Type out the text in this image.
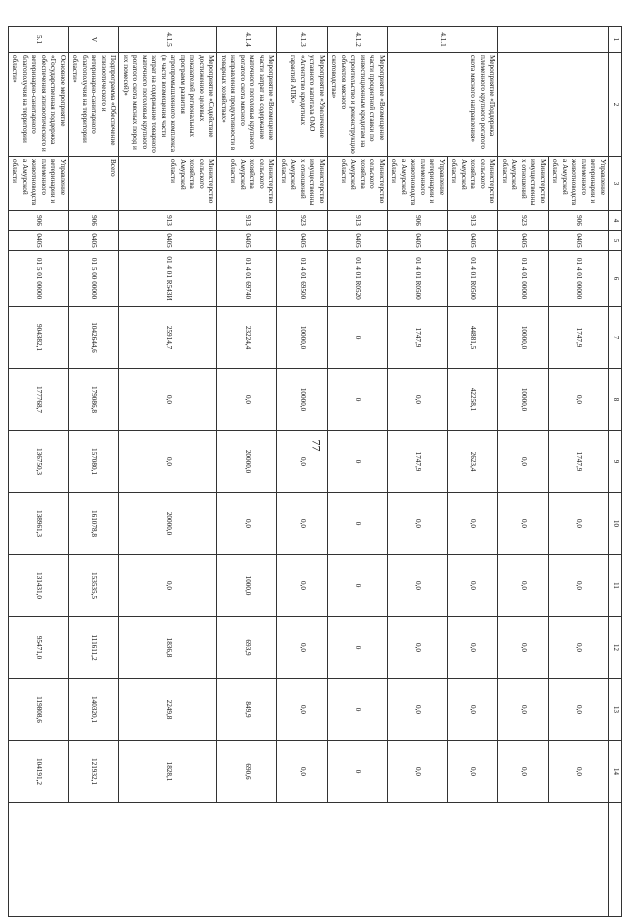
77
1	2	3	4	5	6	7	8	9	10	11	12	13	14	
		Управление ветеринарии и племенного животноводства Амурской области	906	0405	01 4 01 00000	1747,9	0,0	1747,9	0,0	0,0	0,0	0,0	0,0	
		Министерство имущественных отношений Амурской области	923	0405	01 4 01 00000	10000,0	10000,0	0,0	0,0	0,0	0,0	0,0	0,0	
4.1.1	Мероприятие «Поддержка племенного крупного рогатого скота мясного направления»	Министерство сельского хозяйства Амурской области	913	0405	01 4 01 R0500	44881,5	42258,1	2623,4	0,0	0,0	0,0	0,0	0,0	
		Управление ветеринарии и племенного животноводства Амурской области	906	0405	01 4 01 R0500	1747,9	0,0	1747,9	0,0	0,0	0,0	0,0	0,0	
4.1.2	Мероприятие «Возмещение части процентной ставки по инвестиционным кредитам на строительство и реконструкцию объектов мясного скотоводства»	Министерство сельского хозяйства Амурской области	913	0405	01 4 01 R0520	0	0	0	0	0	0	0	0	
4.1.3	Мероприятие «Увеличение уставного капитала ОАО «Агентство кредитных гарантий АПК»	Министерство имущественных отношений Амурской области	923	0405	01 4 01 69500	10000,0	10000,0	0,0	0,0	0,0	0,0	0,0	0,0	
4.1.4	Мероприятие «Возмещение части затрат на содержание маточного поголовья крупного рогатого скота мясного направления продуктивности в товарных хозяйствах»	Министерство сельского хозяйства Амурской области	913	0405	01 4 01 69740	23224,4	0,0	20000,0	0,0	1000,0	693,9	849,9	690,6	
4.1.5	Мероприятие «Содействие достижению целевых показателей региональных программ развития агропромышленного комплекса (в части возмещения части затрат на содержание товарного маточного поголовья крупного рогатого скота мясных пород и их помесей)»	Министерство сельского хозяйства Амурской области	913	0405	01 4 01 R543И	25914,7	0,0	0,0	20000,0	0,0	1836,8	2249,8	1828,1	
V	Подпрограмма «Обеспечение эпизоотического и ветеринарно-санитарного благополучия на территории области»	Всего	906	0405	01 5 00 00000	1042644,6	179086,8	157080,1	161078,8	153535,5	111611,2	140320,1	121932,1	
5.1	Основное мероприятие «Государственная поддержка обеспечения эпизоотического и ветеринарно-санитарного благополучия на территории области»	Управление ветеринарии и племенного животноводства Амурской области	906	0405	01 5 01 00000	904382,1	177768,7	136750,3	138961,3	131431,0	95471,0	119808,6	104191,2	
